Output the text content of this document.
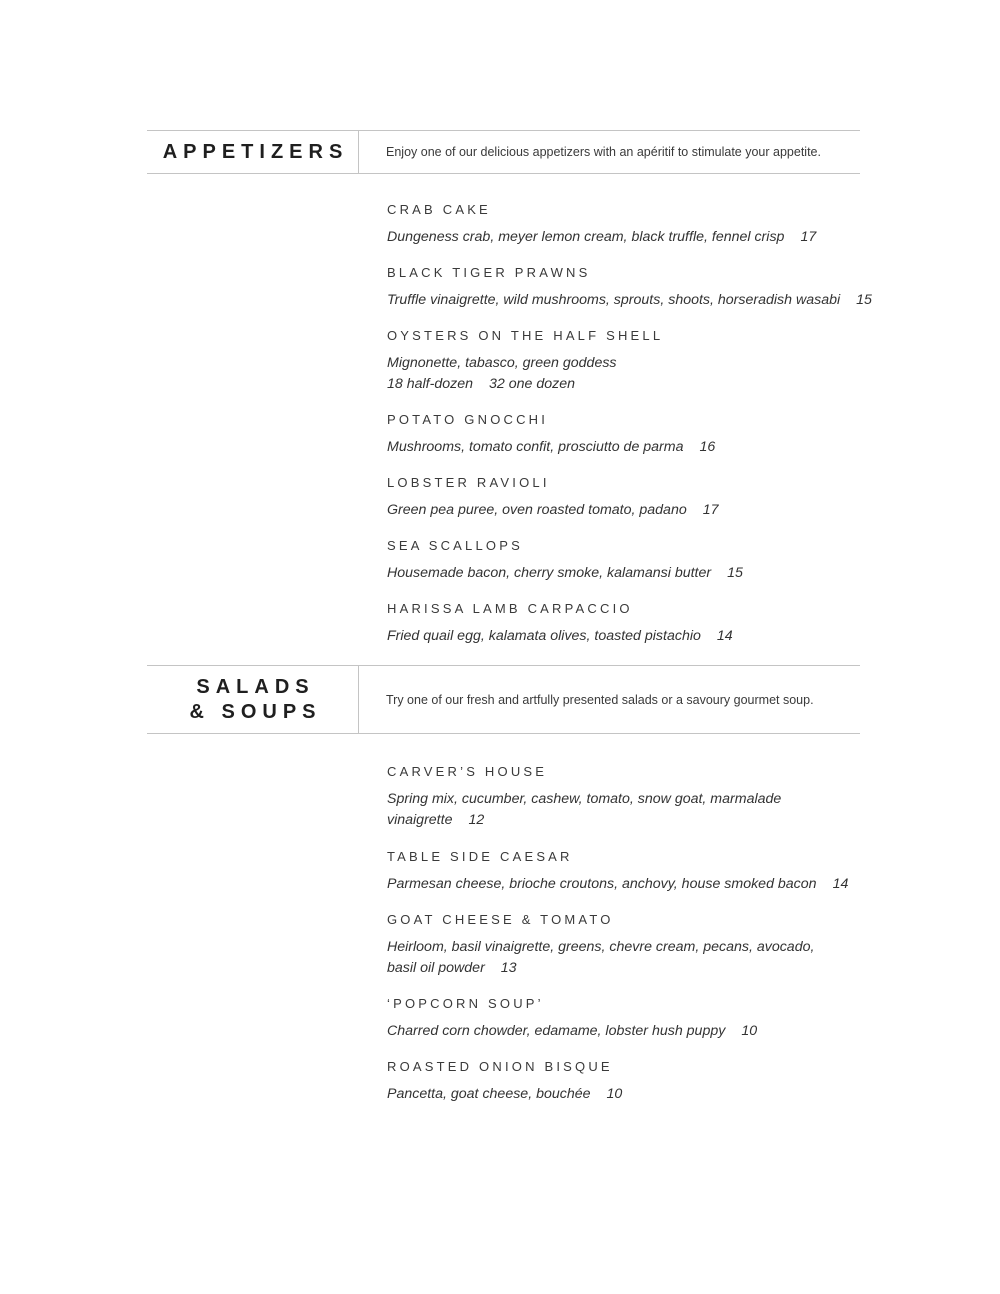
APPETIZERS	Enjoy one of our delicious appetizers with an apéritif to stimulate your appetite.

CRAB CAKE

Dungeness crab, meyer lemon cream, black truffle, fennel crisp 17

BLACK TIGER PRAWNS

Truffle vinaigrette, wild mushrooms, sprouts, shoots, horseradish wasabi 15

OYSTERS ON THE HALF SHELL

Mignonette, tabasco, green goddess

18 half-dozen 32 one dozen

POTATO GNOCCHI

Mushrooms, tomato confit, prosciutto de parma 16

LOBSTER RAVIOLI

Green pea puree, oven roasted tomato, padano 17

SEA SCALLOPS

Housemade bacon, cherry smoke, kalamansi butter 15

HARISSA LAMB CARPACCIO

Fried quail egg, kalamata olives, toasted pistachio 14

SALADS
& SOUPS
Try one of our fresh and artfully presented salads or a savoury gourmet soup.

CARVER’S HOUSE

Spring mix, cucumber, cashew, tomato, snow goat, marmalade

vinaigrette 12

TABLE SIDE CAESAR

Parmesan cheese, brioche croutons, anchovy, house smoked bacon 14

GOAT CHEESE & TOMATO

Heirloom, basil vinaigrette, greens, chevre cream, pecans, avocado,

basil oil powder 13

‘POPCORN SOUP’

Charred corn chowder, edamame, lobster hush puppy 10

ROASTED ONION BISQUE

Pancetta, goat cheese, bouchée 10
